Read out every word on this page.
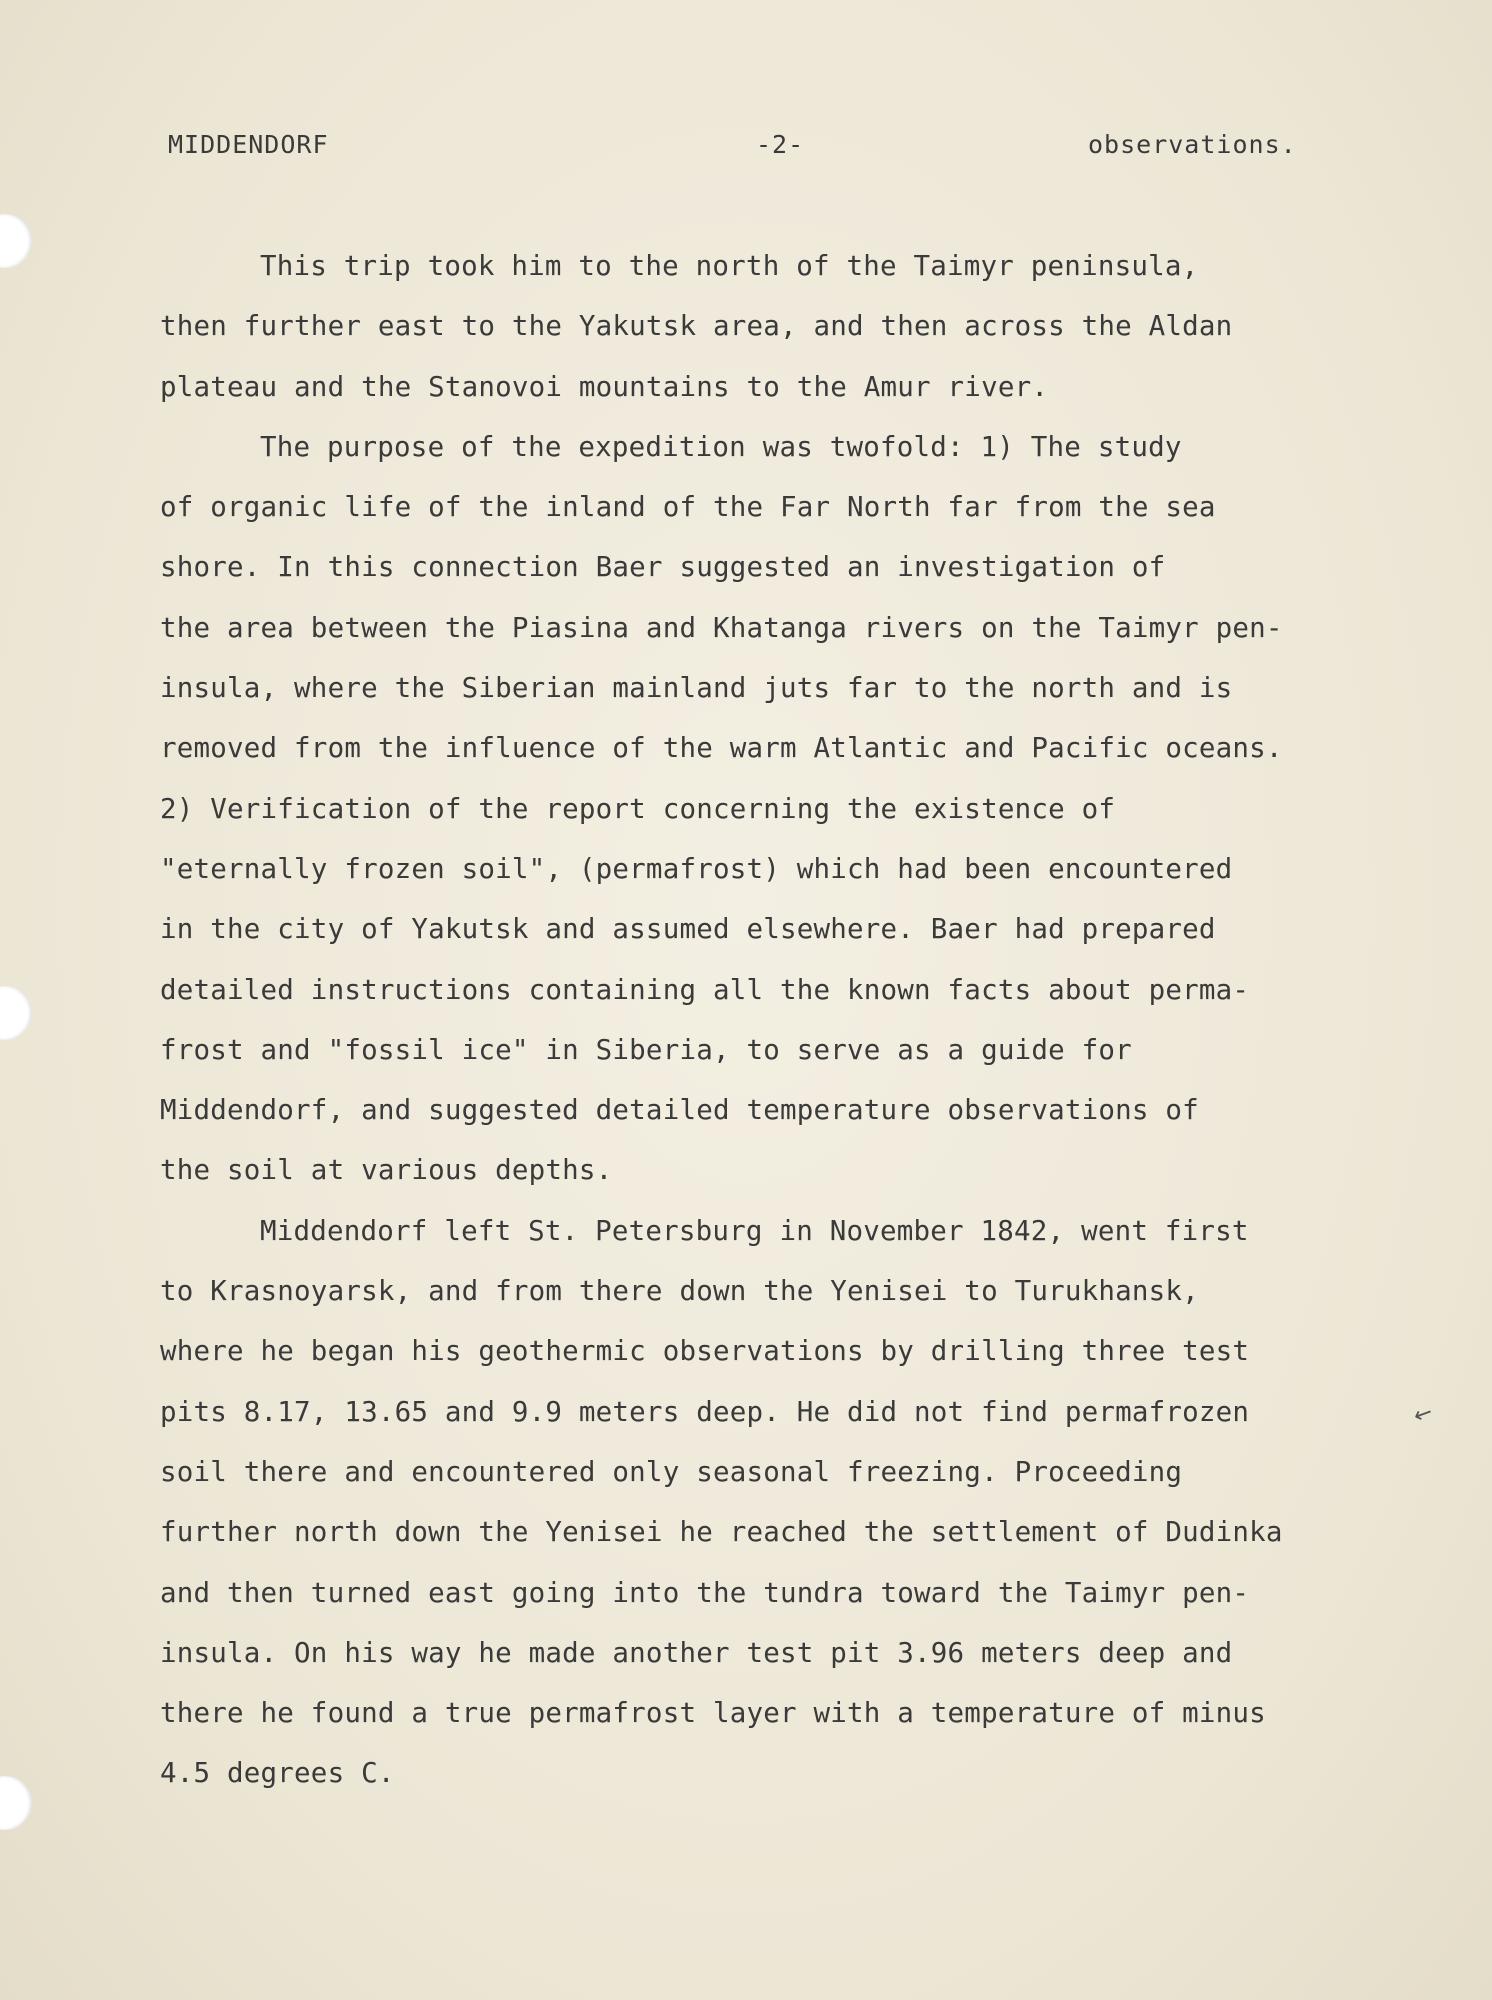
MIDDENDORF	-2-	observations.
This trip took him to the north of the Taimyr peninsula,
then further east to the Yakutsk area, and then across the Aldan
plateau and the Stanovoi mountains to the Amur river.
The purpose of the expedition was twofold: 1) The study
of organic life of the inland of the Far North far from the sea
shore. In this connection Baer suggested an investigation of
the area between the Piasina and Khatanga rivers on the Taimyr pen-
insula, where the Siberian mainland juts far to the north and is
removed from the influence of the warm Atlantic and Pacific oceans.
2) Verification of the report concerning the existence of
"eternally frozen soil", (permafrost) which had been encountered
in the city of Yakutsk and assumed elsewhere. Baer had prepared
detailed instructions containing all the known facts about perma-
frost and "fossil ice" in Siberia, to serve as a guide for
Middendorf, and suggested detailed temperature observations of
the soil at various depths.
Middendorf left St. Petersburg in November 1842, went first
to Krasnoyarsk, and from there down the Yenisei to Turukhansk,
where he began his geothermic observations by drilling three test
pits 8.17, 13.65 and 9.9 meters deep. He did not find permafrozen
soil there and encountered only seasonal freezing. Proceeding
further north down the Yenisei he reached the settlement of Dudinka
and then turned east going into the tundra toward the Taimyr pen-
insula. On his way he made another test pit 3.96 meters deep and
there he found a true permafrost layer with a temperature of minus
4.5 degrees C.
←
